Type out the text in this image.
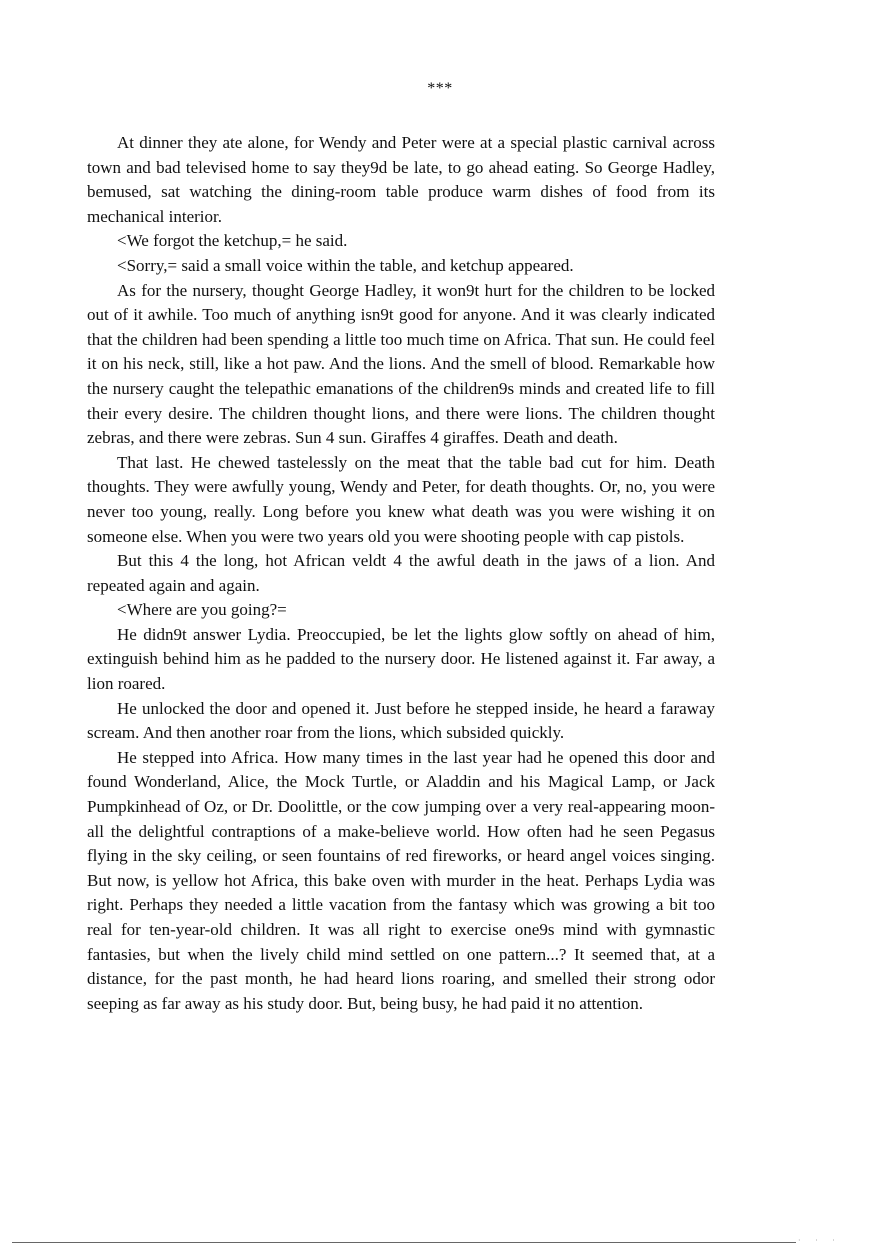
***

At dinner they ate alone, for Wendy and Peter were at a special plastic carnival across town and bad televised home to say they9d be late, to go ahead eating. So George Hadley, bemused, sat watching the dining-room table produce warm dishes of food from its mechanical interior.

<We forgot the ketchup,= he said.

<Sorry,= said a small voice within the table, and ketchup appeared.

As for the nursery, thought George Hadley, it won9t hurt for the children to be locked out of it awhile. Too much of anything isn9t good for anyone. And it was clearly indicated that the children had been spending a little too much time on Africa. That sun. He could feel it on his neck, still, like a hot paw. And the lions. And the smell of blood. Remarkable how the nursery caught the telepathic emanations of the children9s minds and created life to fill their every desire. The children thought lions, and there were lions. The children thought zebras, and there were zebras. Sun 4 sun. Giraffes 4 giraffes. Death and death.

That last. He chewed tastelessly on the meat that the table bad cut for him. Death thoughts. They were awfully young, Wendy and Peter, for death thoughts. Or, no, you were never too young, really. Long before you knew what death was you were wishing it on someone else. When you were two years old you were shooting people with cap pistols.

But this 4 the long, hot African veldt 4 the awful death in the jaws of a lion. And repeated again and again.

<Where are you going?=

He didn9t answer Lydia. Preoccupied, be let the lights glow softly on ahead of him, extinguish behind him as he padded to the nursery door. He listened against it. Far away, a lion roared.

He unlocked the door and opened it. Just before he stepped inside, he heard a faraway scream. And then another roar from the lions, which subsided quickly.

He stepped into Africa. How many times in the last year had he opened this door and found Wonderland, Alice, the Mock Turtle, or Aladdin and his Magical Lamp, or Jack Pumpkinhead of Oz, or Dr. Doolittle, or the cow jumping over a very real-appearing moon-all the delightful contraptions of a make-believe world. How often had he seen Pegasus flying in the sky ceiling, or seen fountains of red fireworks, or heard angel voices singing. But now, is yellow hot Africa, this bake oven with murder in the heat. Perhaps Lydia was right. Perhaps they needed a little vacation from the fantasy which was growing a bit too real for ten-year-old children. It was all right to exercise one9s mind with gymnastic fantasies, but when the lively child mind settled on one pattern...? It seemed that, at a distance, for the past month, he had heard lions roaring, and smelled their strong odor seeping as far away as his study door. But, being busy, he had paid it no attention.

· · ·
